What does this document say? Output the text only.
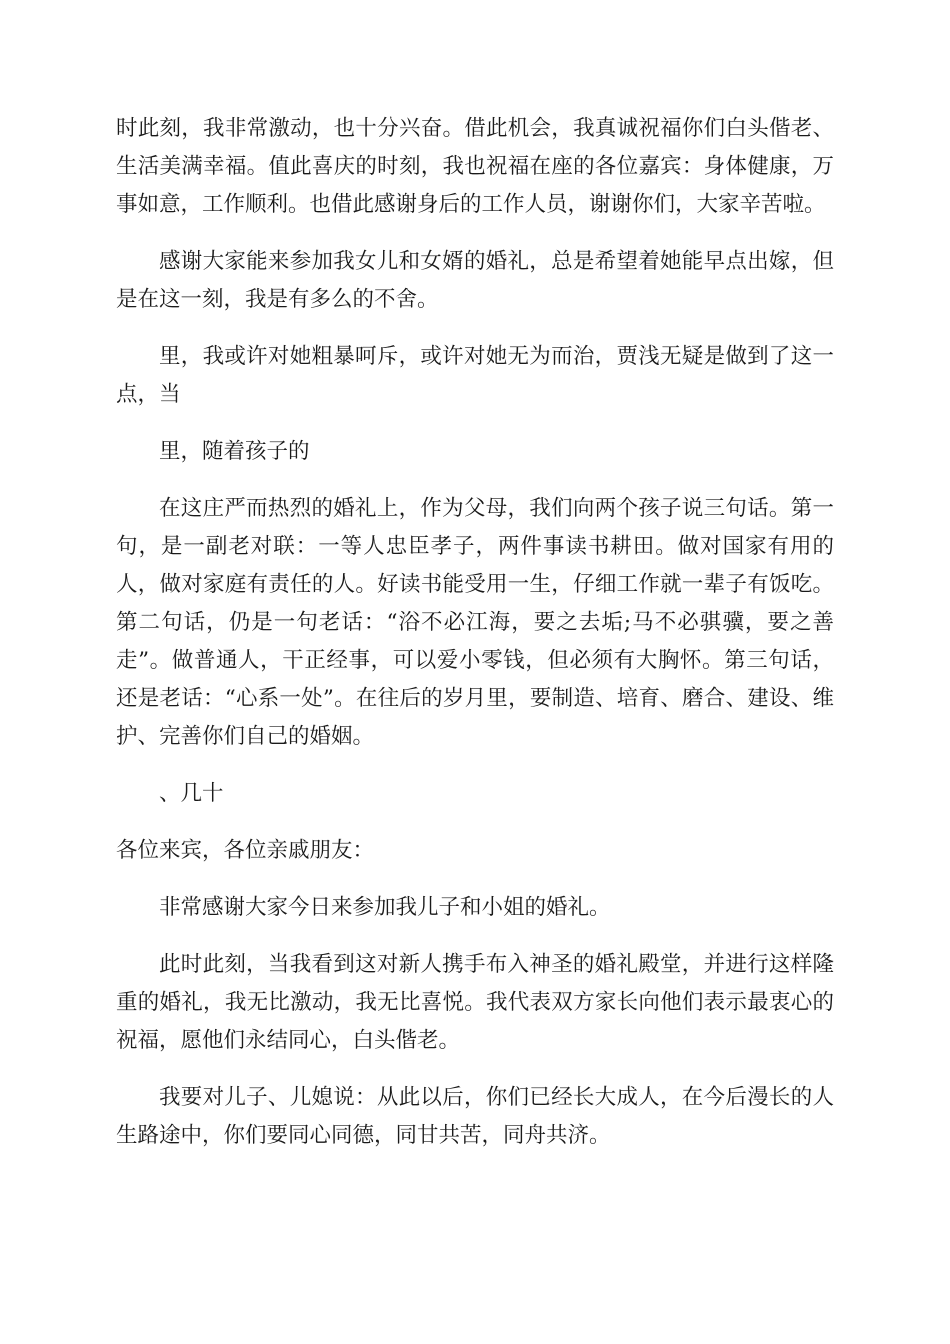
时此刻，我非常激动，也十分兴奋。借此机会，我真诚祝福你们白头偕老、生活美满幸福。值此喜庆的时刻，我也祝福在座的各位嘉宾：身体健康，万事如意，工作顺利。也借此感谢身后的工作人员，谢谢你们，大家辛苦啦。

感谢大家能来参加我女儿和女婿的婚礼，总是希望着她能早点出嫁，但是在这一刻，我是有多么的不舍。

里，我或许对她粗暴呵斥，或许对她无为而治，贾浅无疑是做到了这一点，当

里，随着孩子的

在这庄严而热烈的婚礼上，作为父母，我们向两个孩子说三句话。第一句，是一副老对联：一等人忠臣孝子，两件事读书耕田。做对国家有用的人，做对家庭有责任的人。好读书能受用一生，仔细工作就一辈子有饭吃。第二句话，仍是一句老话：“浴不必江海，要之去垢;马不必骐骥，要之善走”。做普通人，干正经事，可以爱小零钱，但必须有大胸怀。第三句话，还是老话：“心系一处”。在往后的岁月里，要制造、培育、磨合、建设、维护、完善你们自己的婚姻。

、几十

各位来宾，各位亲戚朋友：

非常感谢大家今日来参加我儿子和小姐的婚礼。

此时此刻，当我看到这对新人携手布入神圣的婚礼殿堂，并进行这样隆重的婚礼，我无比激动，我无比喜悦。我代表双方家长向他们表示最衷心的祝福，愿他们永结同心，白头偕老。

我要对儿子、儿媳说：从此以后，你们已经长大成人，在今后漫长的人生路途中，你们要同心同德，同甘共苦，同舟共济。
